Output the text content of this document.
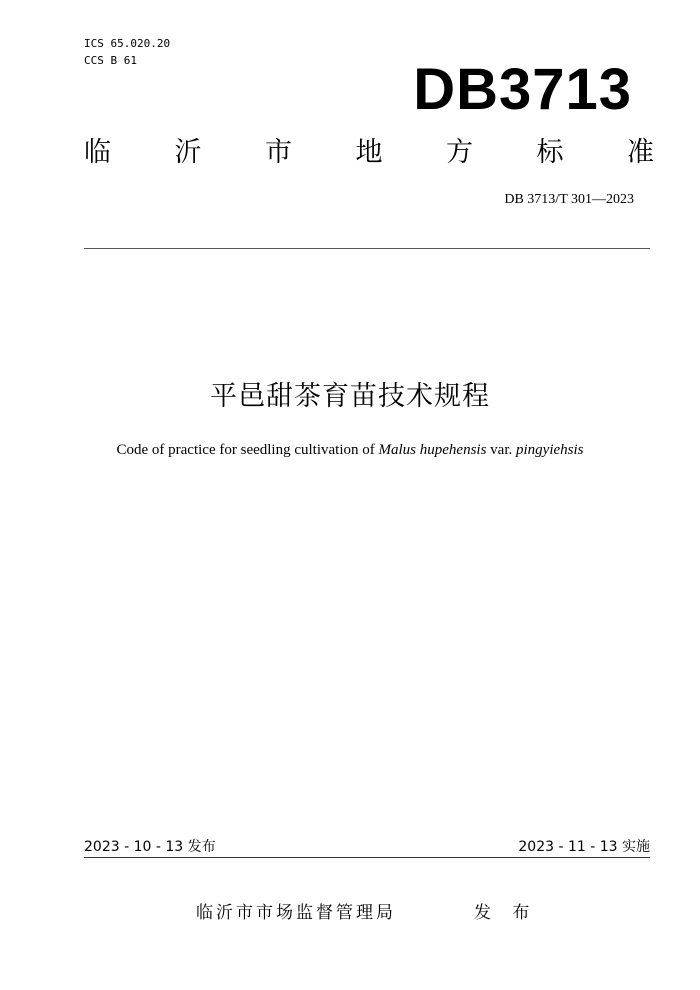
ICS 65.020.20
CCS B 61	DB3713
临 沂 市 地 方 标 准
DB 3713/T 301—2023
平邑甜茶育苗技术规程
Code of practice for seedling cultivation of Malus hupehensis var. pingyiehsis
2023 - 10 - 13 发布	2023 - 11 - 13 实施
临沂市市场监督管理局	发 布
